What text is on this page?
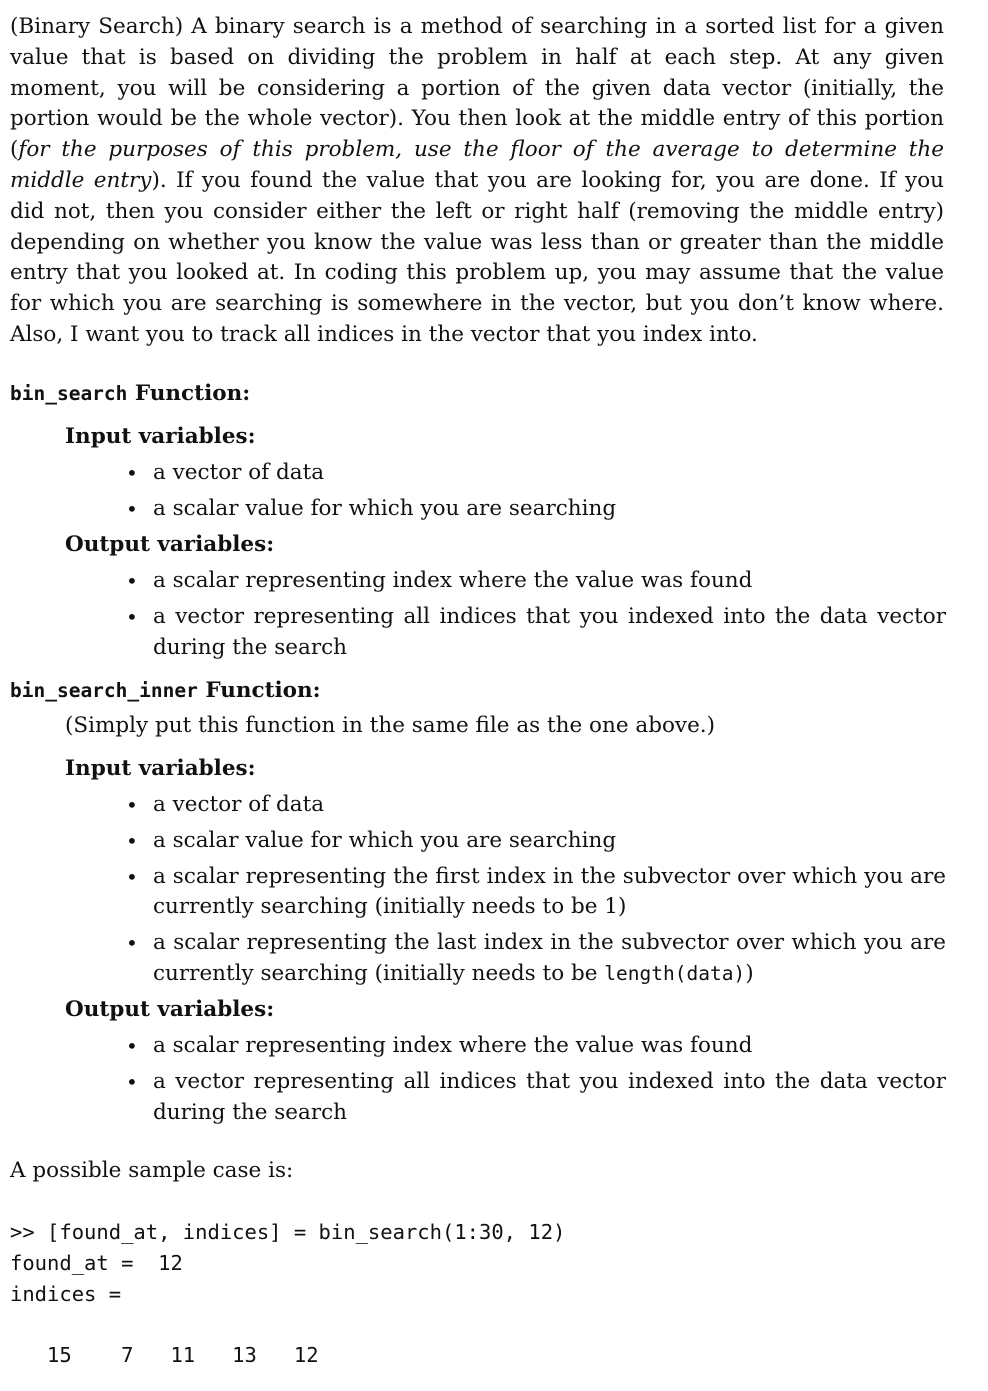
(Binary Search) A binary search is a method of searching in a sorted list for a given value that is based on dividing the problem in half at each step. At any given moment, you will be considering a portion of the given data vector (initially, the portion would be the whole vector). You then look at the middle entry of this portion (for the purposes of this problem, use the floor of the average to determine the middle entry). If you found the value that you are looking for, you are done. If you did not, then you consider either the left or right half (removing the middle entry) depending on whether you know the value was less than or greater than the middle entry that you looked at. In coding this problem up, you may assume that the value for which you are searching is somewhere in the vector, but you don’t know where. Also, I want you to track all indices in the vector that you index into.

bin_search Function:

Input variables:

• a vector of data
• a scalar value for which you are searching

Output variables:

• a scalar representing index where the value was found
• a vector representing all indices that you indexed into the data vector during the search

bin_search_inner Function:

(Simply put this function in the same file as the one above.)

Input variables:

• a vector of data
• a scalar value for which you are searching
• a scalar representing the first index in the subvector over which you are currently searching (initially needs to be 1)
• a scalar representing the last index in the subvector over which you are currently searching (initially needs to be length(data))

Output variables:

• a scalar representing index where the value was found
• a vector representing all indices that you indexed into the data vector during the search

A possible sample case is:

>> [found_at, indices] = bin_search(1:30, 12)
found_at =  12
indices =
15    7   11   13   12
